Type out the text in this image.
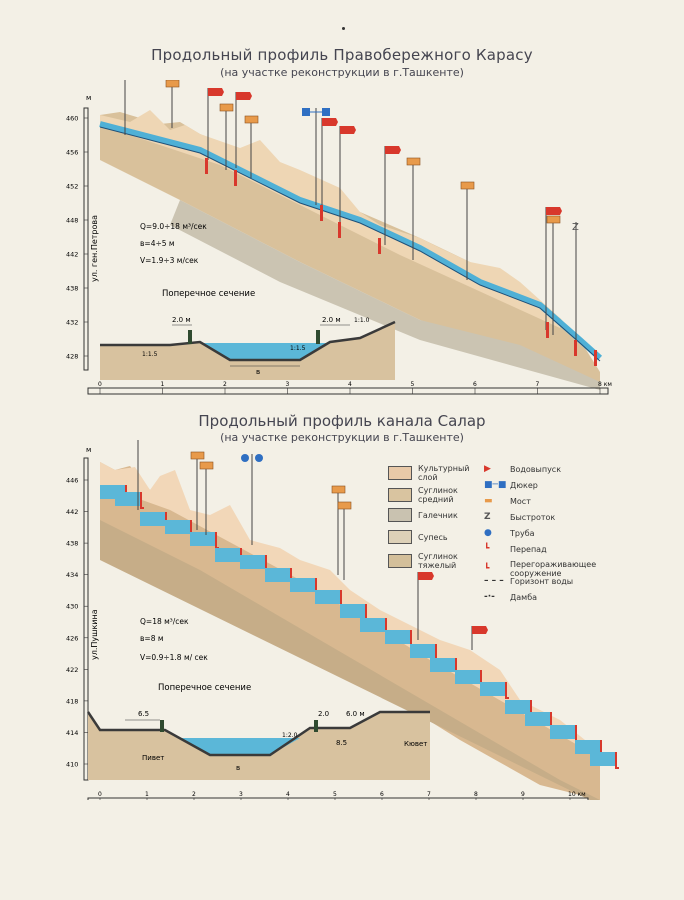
Продольный профиль Правобережного Карасу
(на участке реконструкции в г.Ташкенте)
460
456
452
448
442
438
432
428
м
ул. ген.Петрова	Z
Q=9.0÷18 м³/сек
в=4÷5 м
V=1.9÷3 м/сек
Поперечное сечение
2.0 м	2.0 м
1:1.5
1:1.5
1:1.0
в
0	1	2	3	4	5	6	7	8 км
Продольный профиль канала Салар
(на участке реконструкции в г.Ташкенте)
446
442
438
434
430
426
422
418
414
410
м
ул.Пушкина	Q=18 м³/сек
в=8 м
V=0.9÷1.8 м/ сек
Поперечное сечение
6.5	2.0 6.0 м
8.5
в
Пивет
Кювет
1:2.0
0	1	2	3	4	5	6	7	8	9	10 км
Культурный слой
Суглинок средний
Галечник
Супесь
Суглинок тяжелый
▶	Водовыпуск
■─■ Дюкер
▬	Мост
Z	Быстроток
●	Труба
┗	Перепад
┗	Перегораживающее сооружение
– – – Горизонт воды
-·-	Дамба
